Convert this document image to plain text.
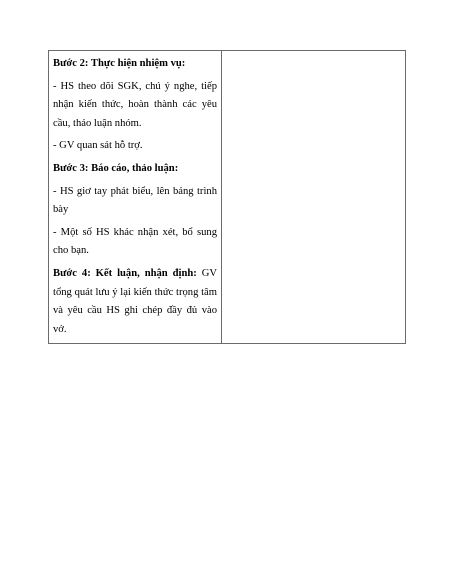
Bước 2: Thực hiện nhiệm vụ:

- HS theo dõi SGK, chú ý nghe, tiếp nhận kiến thức, hoàn thành các yêu cầu, thảo luận nhóm.

- GV quan sát hỗ trợ.

Bước 3: Báo cáo, thảo luận:

- HS giơ tay phát biểu, lên bảng trình bày

- Một số HS khác nhận xét, bổ sung cho bạn.

Bước 4: Kết luận, nhận định: GV tổng quát lưu ý lại kiến thức trọng tâm và yêu cầu HS ghi chép đầy đủ vào vở.
